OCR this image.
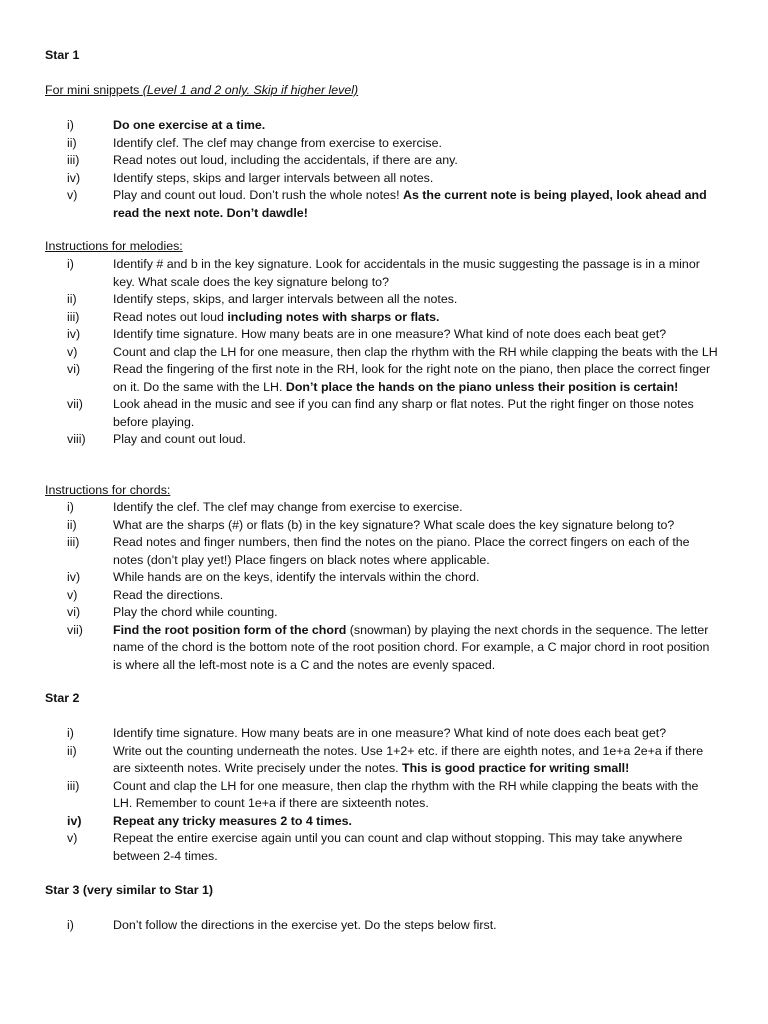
Star 1
For mini snippets (Level 1 and 2 only. Skip if higher level)
i)	Do one exercise at a time.
ii)	Identify clef. The clef may change from exercise to exercise.
iii)	Read notes out loud, including the accidentals, if there are any.
iv)	Identify steps, skips and larger intervals between all notes.
v)	Play and count out loud. Don’t rush the whole notes! As the current note is being played, look ahead and read the next note. Don’t dawdle!
Instructions for melodies:
i)	Identify # and b in the key signature. Look for accidentals in the music suggesting the passage is in a minor key. What scale does the key signature belong to?
ii)	Identify steps, skips, and larger intervals between all the notes.
iii)	Read notes out loud including notes with sharps or flats.
iv)	Identify time signature. How many beats are in one measure? What kind of note does each beat get?
v)	Count and clap the LH for one measure, then clap the rhythm with the RH while clapping the beats with the LH
vi)	Read the fingering of the first note in the RH, look for the right note on the piano, then place the correct finger on it. Do the same with the LH. Don’t place the hands on the piano unless their position is certain!
vii) Look ahead in the music and see if you can find any sharp or flat notes. Put the right finger on those notes before playing.
viii) Play and count out loud.
Instructions for chords:
i)	Identify the clef. The clef may change from exercise to exercise.
ii)	What are the sharps (#) or flats (b) in the key signature? What scale does the key signature belong to?
iii)	Read notes and finger numbers, then find the notes on the piano. Place the correct fingers on each of the notes (don’t play yet!) Place fingers on black notes where applicable.
iv)	While hands are on the keys, identify the intervals within the chord.
v)	Read the directions.
vi)	Play the chord while counting.
vii) Find the root position form of the chord (snowman) by playing the next chords in the sequence. The letter name of the chord is the bottom note of the root position chord. For example, a C major chord in root position is where all the left-most note is a C and the notes are evenly spaced.
Star 2
i)	Identify time signature. How many beats are in one measure? What kind of note does each beat get?
ii)	Write out the counting underneath the notes. Use 1+2+ etc. if there are eighth notes, and 1e+a 2e+a if there are sixteenth notes. Write precisely under the notes. This is good practice for writing small!
iii)	Count and clap the LH for one measure, then clap the rhythm with the RH while clapping the beats with the LH. Remember to count 1e+a if there are sixteenth notes.
iv)	Repeat any tricky measures 2 to 4 times.
v)	Repeat the entire exercise again until you can count and clap without stopping. This may take anywhere between 2-4 times.
Star 3 (very similar to Star 1)
i)	Don’t follow the directions in the exercise yet. Do the steps below first.
